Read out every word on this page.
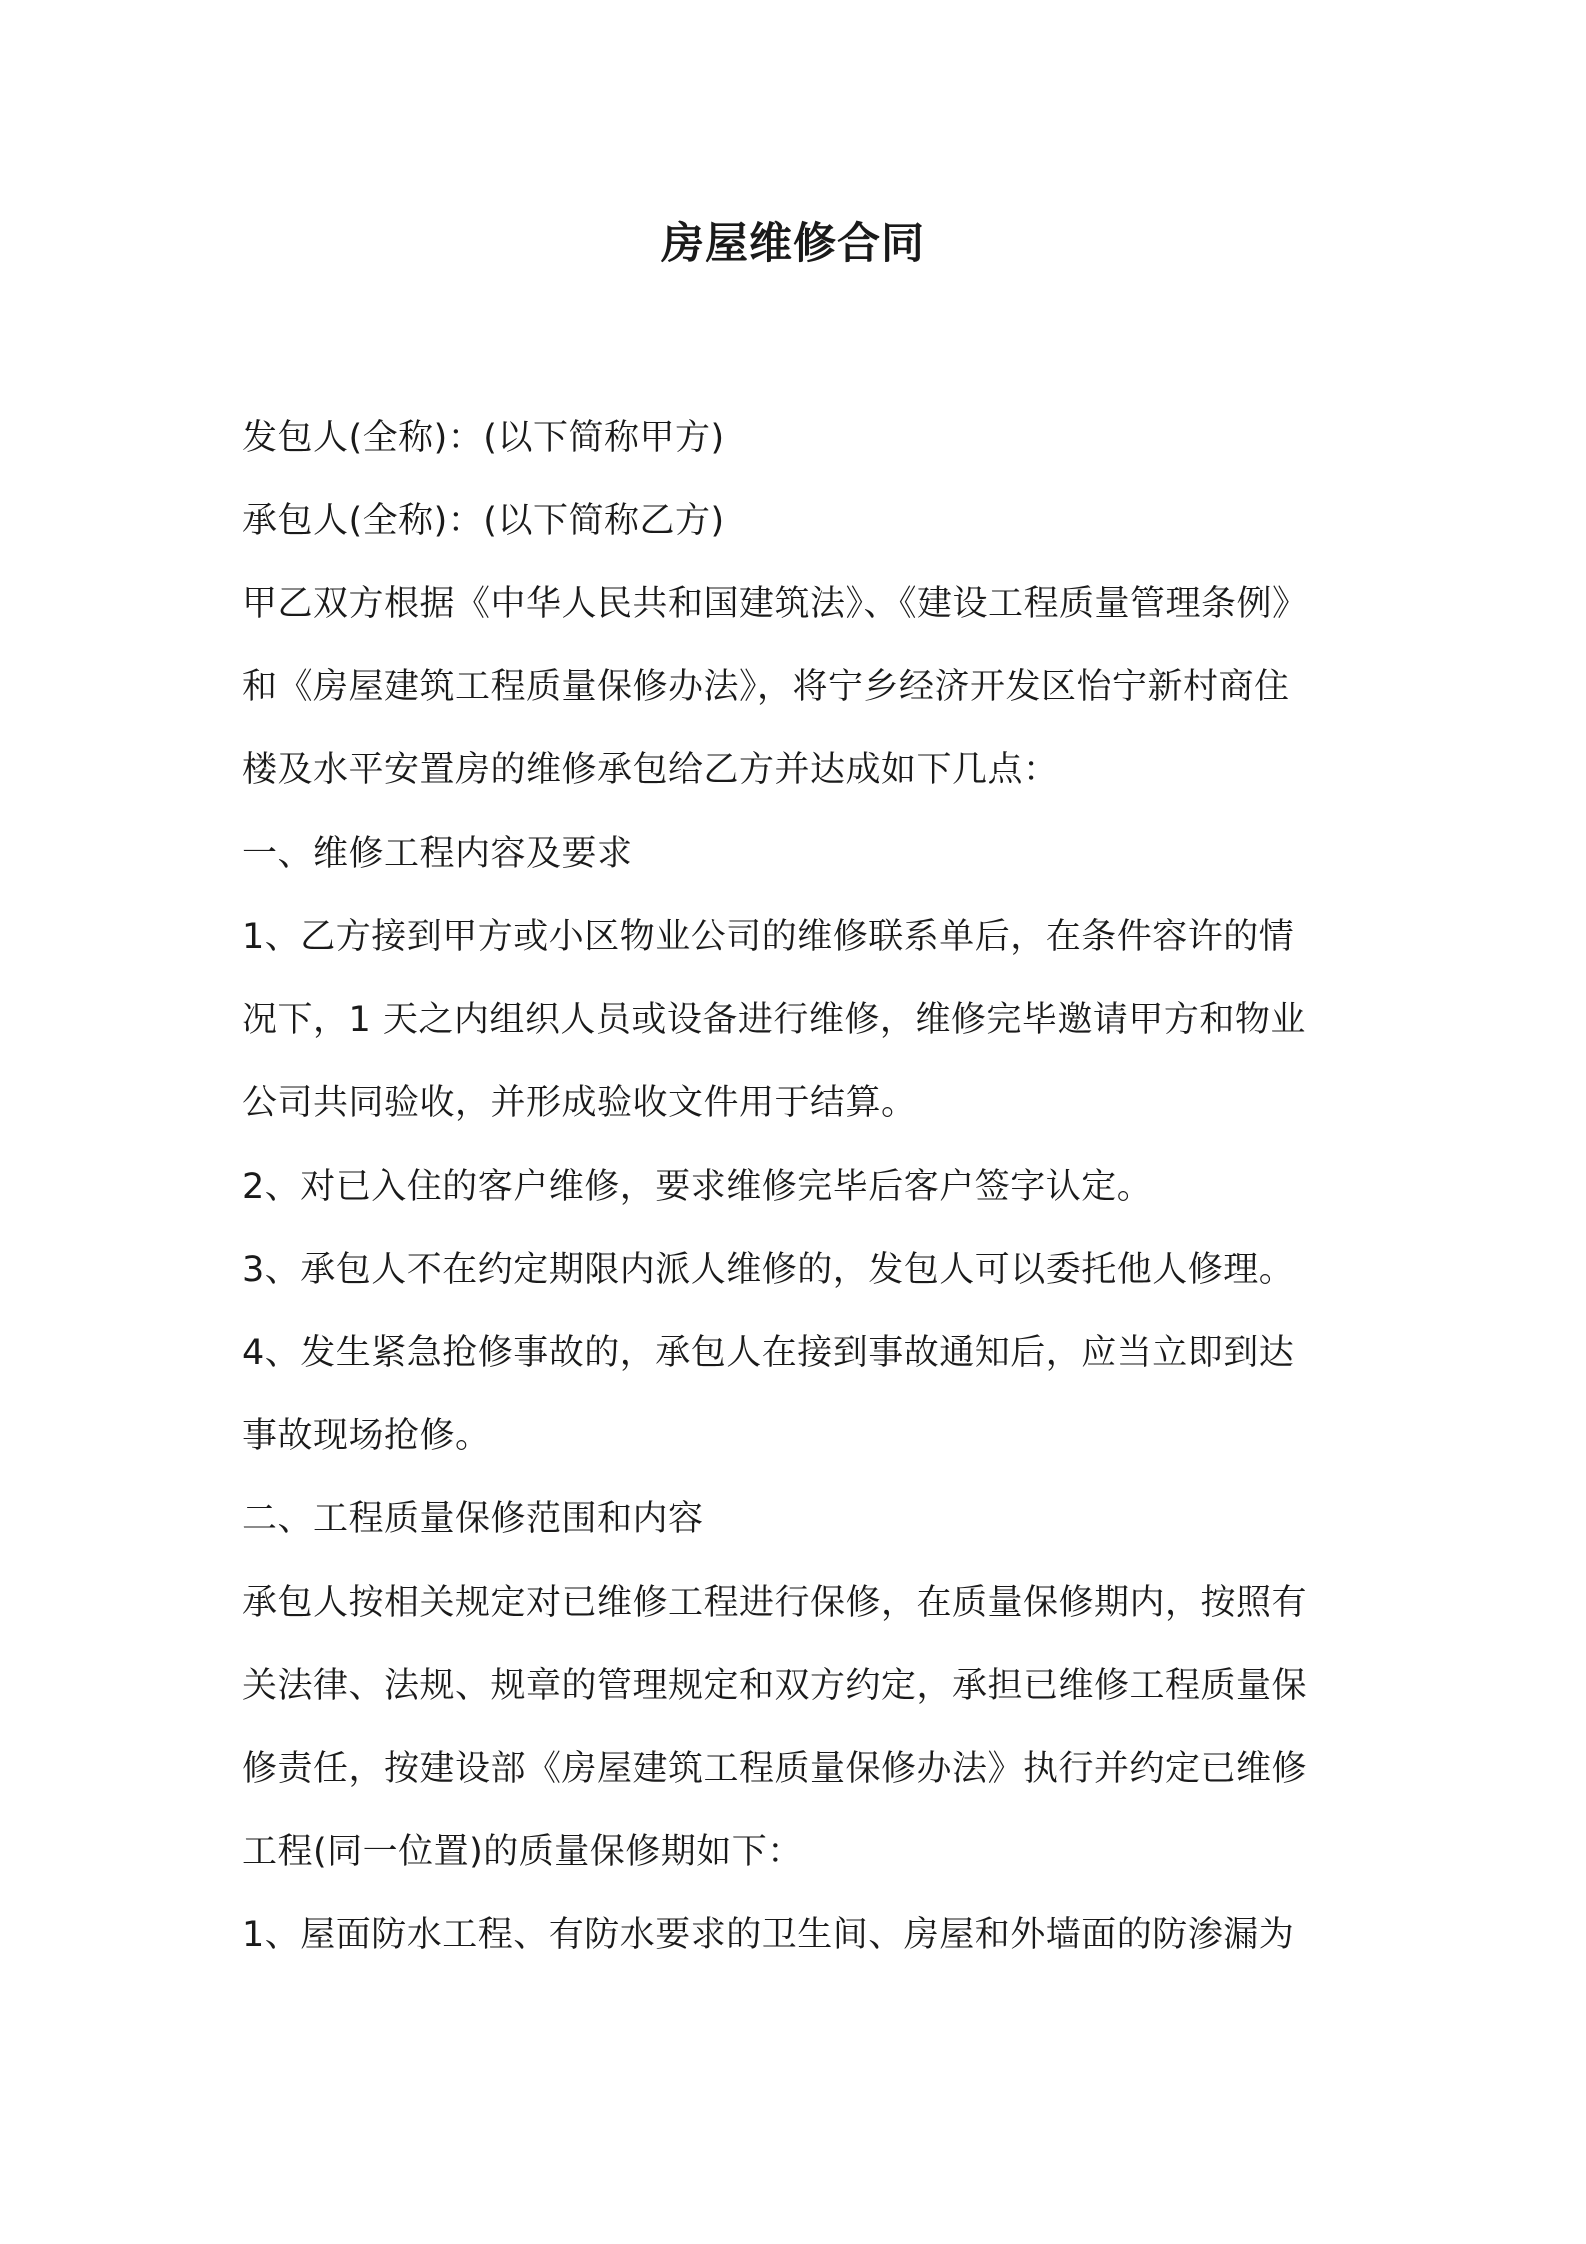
房屋维修合同
发包人(全称)：(以下简称甲方)
承包人(全称)：(以下简称乙方)
甲乙双方根据《中华人民共和国建筑法》、《建设工程质量管理条例》
和《房屋建筑工程质量保修办法》，将宁乡经济开发区怡宁新村商住
楼及水平安置房的维修承包给乙方并达成如下几点：
一、维修工程内容及要求
1、乙方接到甲方或小区物业公司的维修联系单后，在条件容许的情
况下，1 天之内组织人员或设备进行维修，维修完毕邀请甲方和物业
公司共同验收，并形成验收文件用于结算。
2、对已入住的客户维修，要求维修完毕后客户签字认定。
3、承包人不在约定期限内派人维修的，发包人可以委托他人修理。
4、发生紧急抢修事故的，承包人在接到事故通知后，应当立即到达
事故现场抢修。
二、工程质量保修范围和内容
承包人按相关规定对已维修工程进行保修，在质量保修期内，按照有
关法律、法规、规章的管理规定和双方约定，承担已维修工程质量保
修责任，按建设部《房屋建筑工程质量保修办法》执行并约定已维修
工程(同一位置)的质量保修期如下：
1、屋面防水工程、有防水要求的卫生间、房屋和外墙面的防渗漏为
